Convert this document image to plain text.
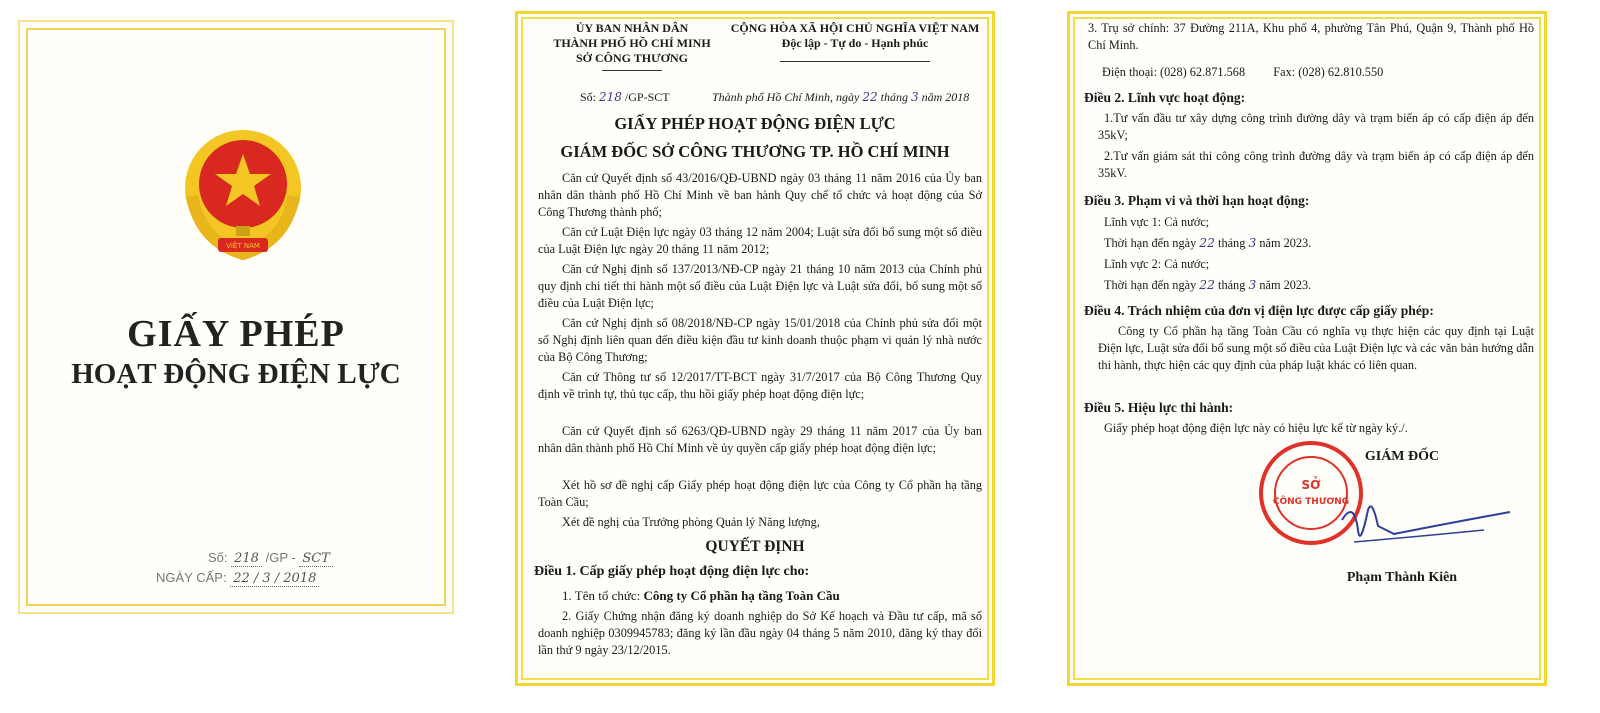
VIỆT NAM
GIẤY PHÉP
HOẠT ĐỘNG ĐIỆN LỰC
Số: 218 /GP - SCT
NGÀY CẤP: 22 / 3 / 2018
ỦY BAN NHÂN DÂN
THÀNH PHỐ HỒ CHÍ MINH
SỞ CÔNG THƯƠNG
CỘNG HÒA XÃ HỘI CHỦ NGHĨA VIỆT NAM
Độc lập - Tự do - Hạnh phúc
Số: 218 /GP-SCT	Thành phố Hồ Chí Minh, ngày 22 tháng 3 năm 2018
GIẤY PHÉP HOẠT ĐỘNG ĐIỆN LỰC
GIÁM ĐỐC SỞ CÔNG THƯƠNG TP. HỒ CHÍ MINH
Căn cứ Quyết định số 43/2016/QĐ-UBND ngày 03 tháng 11 năm 2016 của Ủy ban nhân dân thành phố Hồ Chí Minh về ban hành Quy chế tổ chức và hoạt động của Sở Công Thương thành phố;
Căn cứ Luật Điện lực ngày 03 tháng 12 năm 2004; Luật sửa đổi bổ sung một số điều của Luật Điện lực ngày 20 tháng 11 năm 2012;
Căn cứ Nghị định số 137/2013/NĐ-CP ngày 21 tháng 10 năm 2013 của Chính phủ quy định chi tiết thi hành một số điều của Luật Điện lực và Luật sửa đổi, bổ sung một số điều của Luật Điện lực;
Căn cứ Nghị định số 08/2018/NĐ-CP ngày 15/01/2018 của Chính phủ sửa đổi một số Nghị định liên quan đến điều kiện đầu tư kinh doanh thuộc phạm vi quản lý nhà nước của Bộ Công Thương;
Căn cứ Thông tư số 12/2017/TT-BCT ngày 31/7/2017 của Bộ Công Thương Quy định về trình tự, thủ tục cấp, thu hồi giấy phép hoạt động điện lực;
Căn cứ Quyết định số 6263/QĐ-UBND ngày 29 tháng 11 năm 2017 của Ủy ban nhân dân thành phố Hồ Chí Minh về ủy quyền cấp giấy phép hoạt động điện lực;
Xét hồ sơ đề nghị cấp Giấy phép hoạt động điện lực của Công ty Cổ phần hạ tầng Toàn Cầu;
Xét đề nghị của Trưởng phòng Quản lý Năng lượng,
QUYẾT ĐỊNH
Điều 1. Cấp giấy phép hoạt động điện lực cho:
1. Tên tổ chức: Công ty Cổ phần hạ tầng Toàn Cầu
2. Giấy Chứng nhận đăng ký doanh nghiệp do Sở Kế hoạch và Đầu tư cấp, mã số doanh nghiệp 0309945783; đăng ký lần đầu ngày 04 tháng 5 năm 2010, đăng ký thay đổi lần thứ 9 ngày 23/12/2015.
3. Trụ sở chính: 37 Đường 211A, Khu phố 4, phường Tân Phú, Quận 9, Thành phố Hồ Chí Minh.
Điện thoại: (028) 62.871.568 Fax: (028) 62.810.550
Điều 2. Lĩnh vực hoạt động:
1.Tư vấn đầu tư xây dựng công trình đường dây và trạm biến áp có cấp điện áp đến 35kV;
2.Tư vấn giám sát thi công công trình đường dây và trạm biến áp có cấp điện áp đến 35kV.
Điều 3. Phạm vi và thời hạn hoạt động:
Lĩnh vực 1: Cả nước;
Thời hạn đến ngày 22 tháng 3 năm 2023.
Lĩnh vực 2: Cả nước;
Thời hạn đến ngày 22 tháng 3 năm 2023.
Điều 4. Trách nhiệm của đơn vị điện lực được cấp giấy phép:
Công ty Cổ phần hạ tầng Toàn Cầu có nghĩa vụ thực hiện các quy định tại Luật Điện lực, Luật sửa đổi bổ sung một số điều của Luật Điện lực và các văn bản hướng dẫn thi hành, thực hiện các quy định của pháp luật khác có liên quan.
Điều 5. Hiệu lực thi hành:
Giấy phép hoạt động điện lực này có hiệu lực kể từ ngày ký./.
GIÁM ĐỐC
SỞ
CÔNG THƯƠNG
Phạm Thành Kiên
